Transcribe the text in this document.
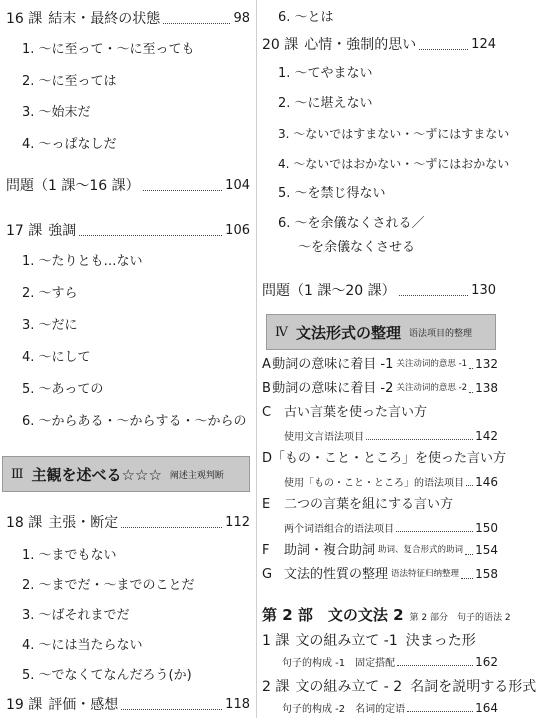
16 課 結末・最終の状態	98
1. 〜に至って・〜に至っても
2. 〜に至っては
3. 〜始末だ
4. 〜っぱなしだ
問題（1 課〜16 課）	104
17 課 強調	106
1. 〜たりとも…ない
2. 〜すら
3. 〜だに
4. 〜にして
5. 〜あっての
6. 〜からある・〜からする・〜からの
Ⅲ 主観を述べる☆☆☆ 阐述主观判断
18 課 主張・断定	112
1. 〜までもない
2. 〜までだ・〜までのことだ
3. 〜ばそれまでだ
4. 〜には当たらない
5. 〜でなくてなんだろう(か)
19 課 評価・感想	118
6. 〜とは
20 課 心情・強制的思い	124
1. 〜てやまない
2. 〜に堪えない
3. 〜ないではすまない・〜ずにはすまない
4. 〜ないではおかない・〜ずにはおかない
5. 〜を禁じ得ない
6. 〜を余儀なくされる／
〜を余儀なくさせる
問題（1 課〜20 課）	130
Ⅳ 文法形式の整理 语法项目的整理
A 動詞の意味に着目 -1 关注动词的意思 -1 132
B 動詞の意味に着目 -2 关注动词的意思 -2 138
C 古い言葉を使った言い方
使用文言语法项目	142
D 「もの・こと・ところ」を使った言い方
使用「もの・こと・ところ」的语法项目 146
E	二つの言葉を組にする言い方
两个词语组合的语法项目	150
F	助詞・複合助詞 助词、复合形式的助词 154
G 文法的性質の整理 语法特征归纳整理 158
第 2 部　文の文法 2 第 2 部分　句子的语法 2
1 課 文の組み立て -1 決まった形
句子的构成 -1　固定搭配	162
2 課 文の組み立て - 2 名詞を説明する形式
句子的构成 -2　名词的定语	164
